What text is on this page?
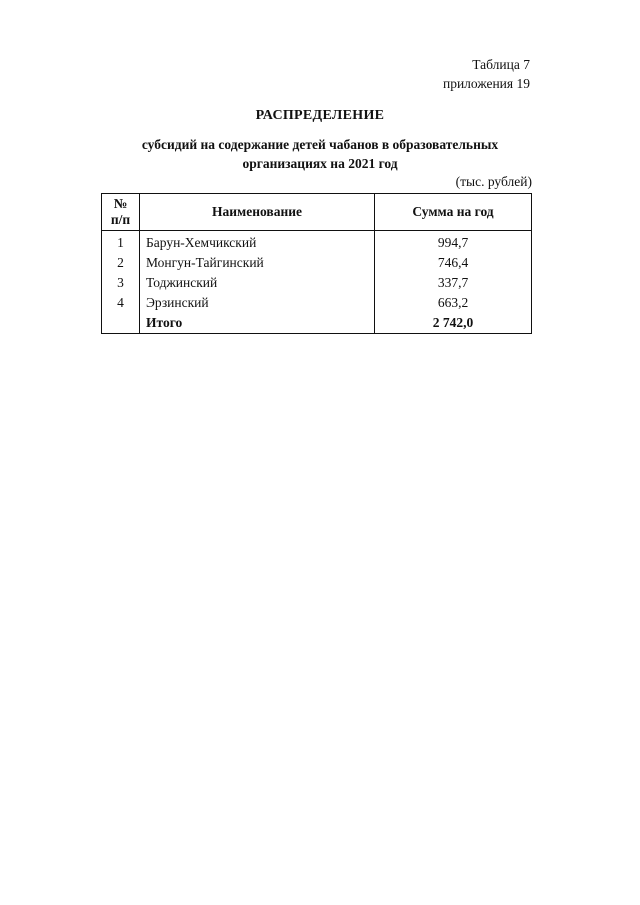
Таблица 7
приложения 19
РАСПРЕДЕЛЕНИЕ
субсидий на содержание детей чабанов в образовательных
организациях на 2021 год
(тыс. рублей)
№
п/п	Наименование	Сумма на год
1	Барун-Хемчикский	994,7
2	Монгун-Тайгинский	746,4
3	Тоджинский	337,7
4	Эрзинский	663,2
	Итого	2 742,0
